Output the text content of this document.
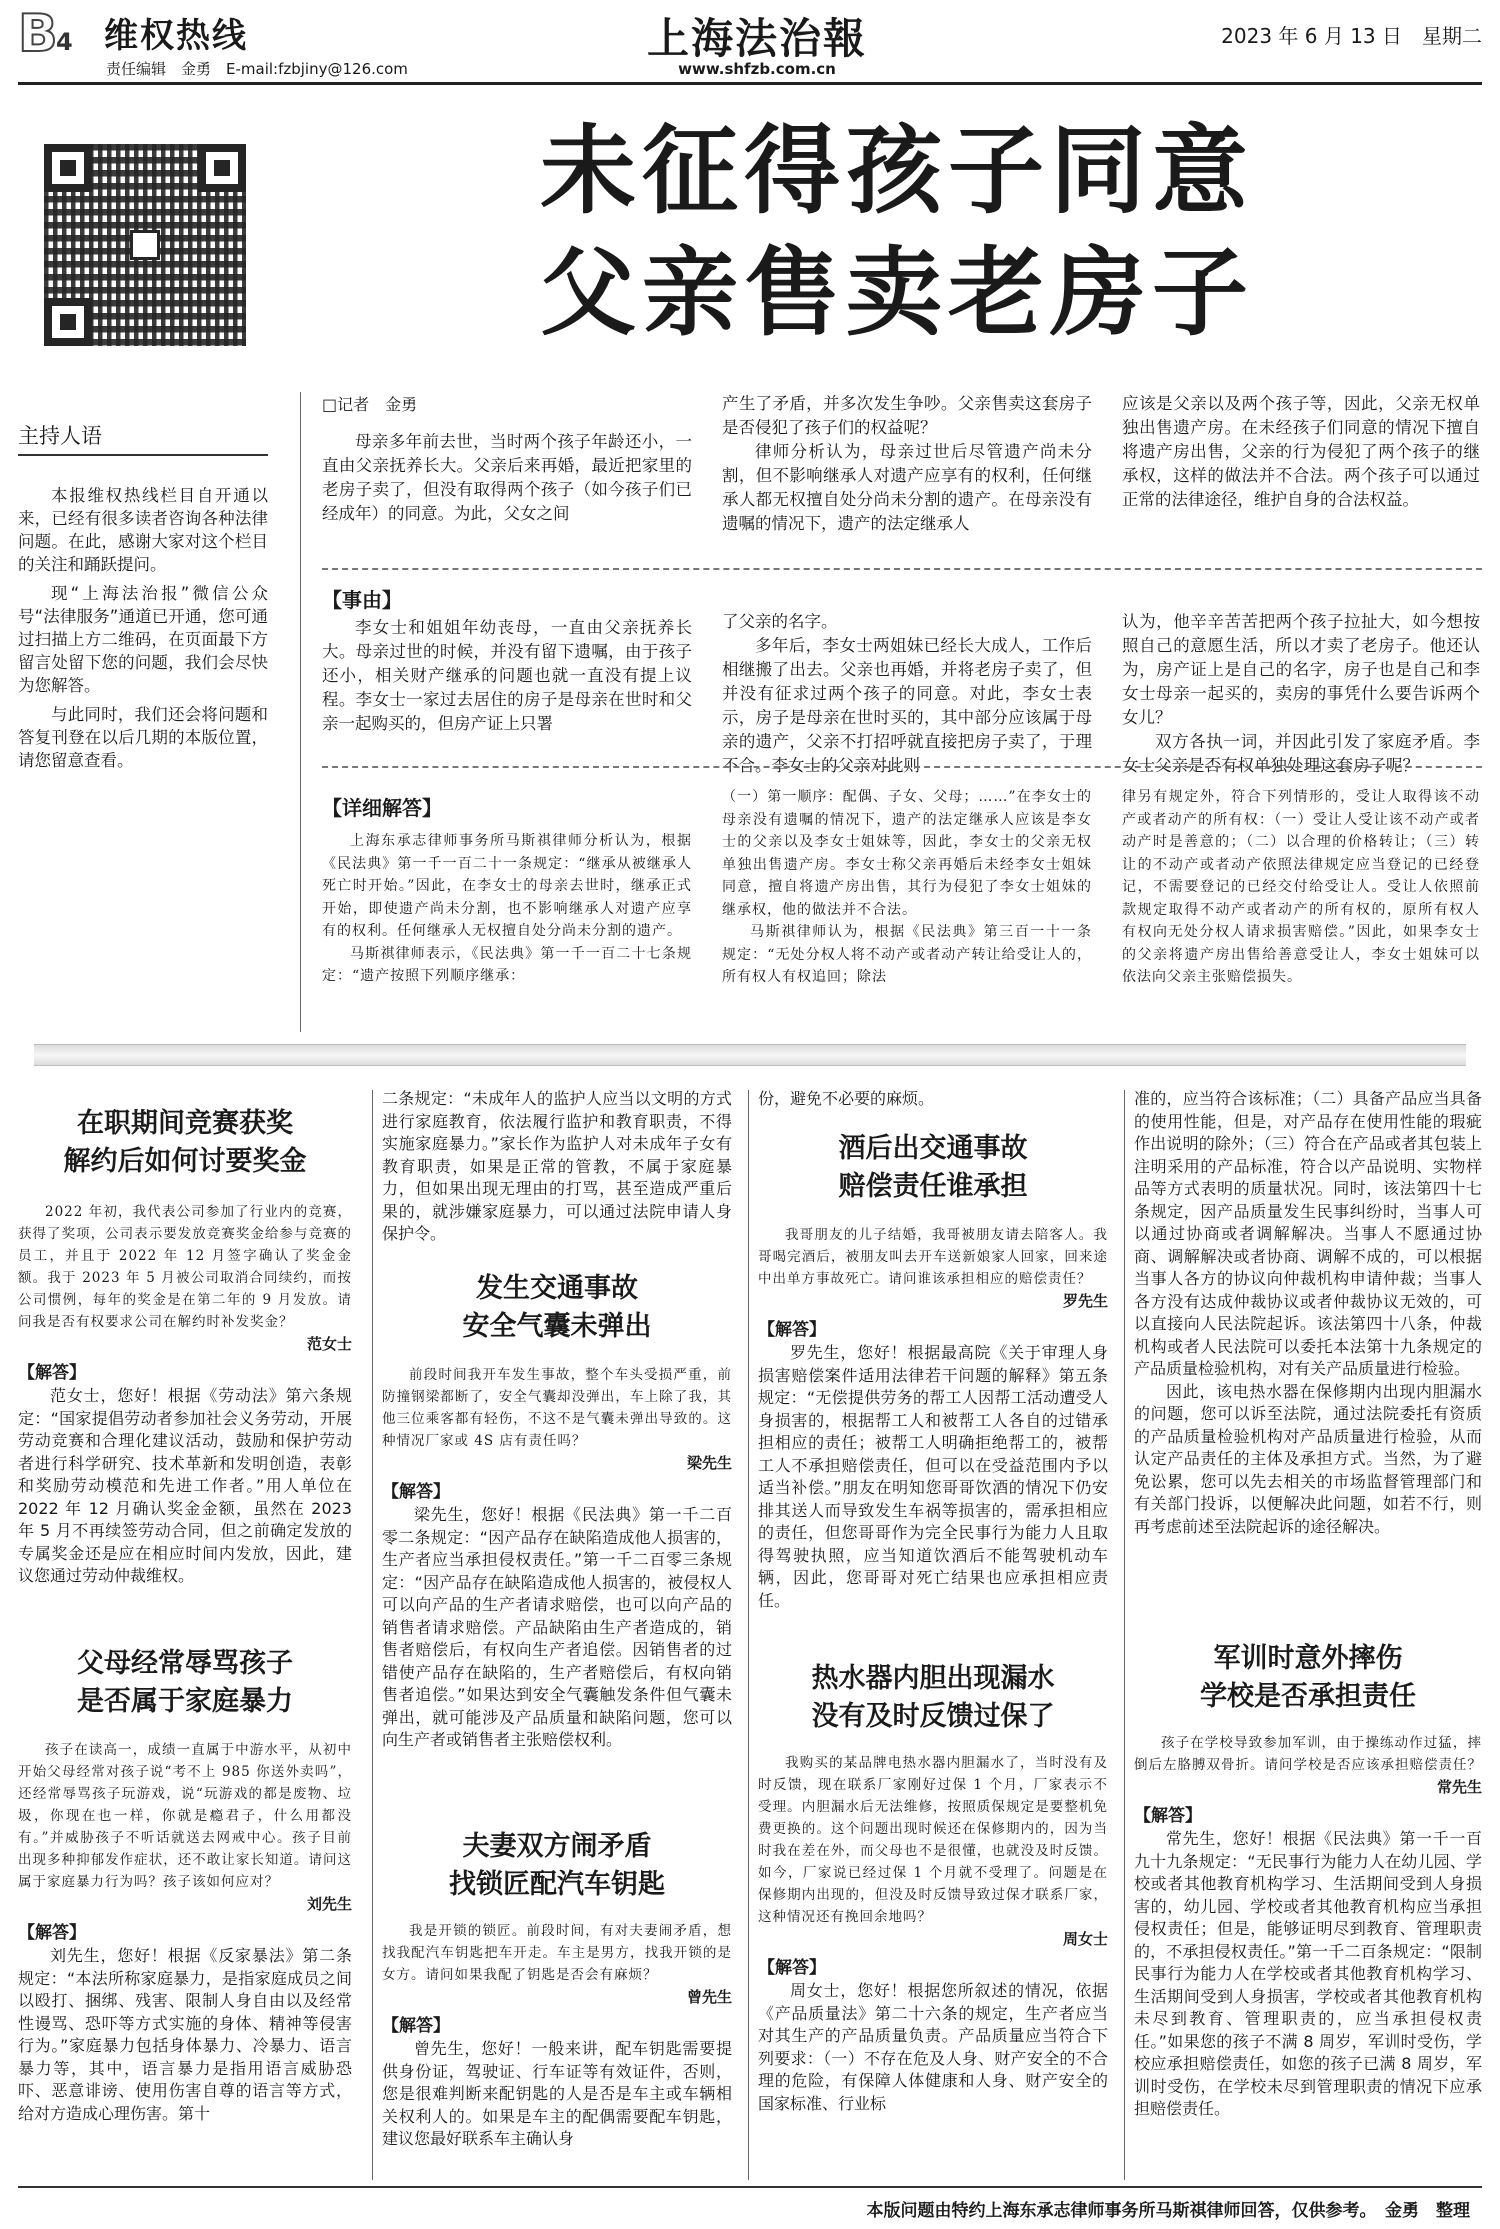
B
4 维权热线
责任编辑　金勇　E-mail:fzbjiny@126.com
上海法治報
www.shfzb.com.cn
2023 年 6 月 13 日　星期二
未征得孩子同意
父亲售卖老房子
主持人语

本报维权热线栏目自开通以来，已经有很多读者咨询各种法律问题。在此，感谢大家对这个栏目的关注和踊跃提问。

现“上海法治报”微信公众号“法律服务”通道已开通，您可通过扫描上方二维码，在页面最下方留言处留下您的问题，我们会尽快为您解答。

与此同时，我们还会将问题和答复刊登在以后几期的本版位置，请您留意查看。

□记者　金勇

母亲多年前去世，当时两个孩子年龄还小，一直由父亲抚养长大。父亲后来再婚，最近把家里的老房子卖了，但没有取得两个孩子（如今孩子们已经成年）的同意。为此，父女之间

产生了矛盾，并多次发生争吵。父亲售卖这套房子是否侵犯了孩子们的权益呢？

律师分析认为，母亲过世后尽管遗产尚未分割，但不影响继承人对遗产应享有的权利，任何继承人都无权擅自处分尚未分割的遗产。在母亲没有遗嘱的情况下，遗产的法定继承人

应该是父亲以及两个孩子等，因此，父亲无权单独出售遗产房。在未经孩子们同意的情况下擅自将遗产房出售，父亲的行为侵犯了两个孩子的继承权，这样的做法并不合法。两个孩子可以通过正常的法律途径，维护自身的合法权益。

【事由】

李女士和姐姐年幼丧母，一直由父亲抚养长大。母亲过世的时候，并没有留下遗嘱，由于孩子还小，相关财产继承的问题也就一直没有提上议程。李女士一家过去居住的房子是母亲在世时和父亲一起购买的，但房产证上只署

了父亲的名字。

多年后，李女士两姐妹已经长大成人，工作后相继搬了出去。父亲也再婚，并将老房子卖了，但并没有征求过两个孩子的同意。对此，李女士表示，房子是母亲在世时买的，其中部分应该属于母亲的遗产，父亲不打招呼就直接把房子卖了，于理不合。李女士的父亲对此则

认为，他辛辛苦苦把两个孩子拉扯大，如今想按照自己的意愿生活，所以才卖了老房子。他还认为，房产证上是自己的名字，房子也是自己和李女士母亲一起买的，卖房的事凭什么要告诉两个女儿？

双方各执一词，并因此引发了家庭矛盾。李女士父亲是否有权单独处理这套房子呢？

【详细解答】

上海东承志律师事务所马斯祺律师分析认为，根据《民法典》第一千一百二十一条规定：“继承从被继承人死亡时开始。”因此，在李女士的母亲去世时，继承正式开始，即使遗产尚未分割，也不影响继承人对遗产应享有的权利。任何继承人无权擅自处分尚未分割的遗产。

马斯祺律师表示，《民法典》第一千一百二十七条规定：“遗产按照下列顺序继承：

（一）第一顺序：配偶、子女、父母；……”在李女士的母亲没有遗嘱的情况下，遗产的法定继承人应该是李女士的父亲以及李女士姐妹等，因此，李女士的父亲无权单独出售遗产房。李女士称父亲再婚后未经李女士姐妹同意，擅自将遗产房出售，其行为侵犯了李女士姐妹的继承权，他的做法并不合法。

马斯祺律师认为，根据《民法典》第三百一十一条规定：“无处分权人将不动产或者动产转让给受让人的，所有权人有权追回；除法

律另有规定外，符合下列情形的，受让人取得该不动产或者动产的所有权：（一）受让人受让该不动产或者动产时是善意的；（二）以合理的价格转让；（三）转让的不动产或者动产依照法律规定应当登记的已经登记，不需要登记的已经交付给受让人。受让人依照前款规定取得不动产或者动产的所有权的，原所有权人有权向无处分权人请求损害赔偿。”因此，如果李女士的父亲将遗产房出售给善意受让人，李女士姐妹可以依法向父亲主张赔偿损失。

在职期间竞赛获奖
解约后如何讨要奖金

2022 年初，我代表公司参加了行业内的竞赛，获得了奖项，公司表示要发放竞赛奖金给参与竞赛的员工，并且于 2022 年 12 月签字确认了奖金金额。我于 2023 年 5 月被公司取消合同续约，而按公司惯例，每年的奖金是在第二年的 9 月发放。请问我是否有权要求公司在解约时补发奖金？

范女士
【解答】

范女士，您好！根据《劳动法》第六条规定：“国家提倡劳动者参加社会义务劳动，开展劳动竞赛和合理化建议活动，鼓励和保护劳动者进行科学研究、技术革新和发明创造，表彰和奖励劳动模范和先进工作者。”用人单位在 2022 年 12 月确认奖金金额，虽然在 2023 年 5 月不再续签劳动合同，但之前确定发放的专属奖金还是应在相应时间内发放，因此，建议您通过劳动仲裁维权。

父母经常辱骂孩子
是否属于家庭暴力

孩子在读高一，成绩一直属于中游水平，从初中开始父母经常对孩子说“考不上 985 你送外卖吗”，还经常辱骂孩子玩游戏，说“玩游戏的都是废物、垃圾，你现在也一样，你就是瘾君子，什么用都没有。”并威胁孩子不听话就送去网戒中心。孩子目前出现多种抑郁发作症状，还不敢让家长知道。请问这属于家庭暴力行为吗？孩子该如何应对？

刘先生
【解答】

刘先生，您好！根据《反家暴法》第二条规定：“本法所称家庭暴力，是指家庭成员之间以殴打、捆绑、残害、限制人身自由以及经常性谩骂、恐吓等方式实施的身体、精神等侵害行为。”家庭暴力包括身体暴力、冷暴力、语言暴力等，其中，语言暴力是指用语言威胁恐吓、恶意诽谤、使用伤害自尊的语言等方式，给对方造成心理伤害。第十

二条规定：“未成年人的监护人应当以文明的方式进行家庭教育，依法履行监护和教育职责，不得实施家庭暴力。”家长作为监护人对未成年子女有教育职责，如果是正常的管教，不属于家庭暴力，但如果出现无理由的打骂，甚至造成严重后果的，就涉嫌家庭暴力，可以通过法院申请人身保护令。
发生交通事故
安全气囊未弹出

前段时间我开车发生事故，整个车头受损严重，前防撞钢梁都断了，安全气囊却没弹出，车上除了我，其他三位乘客都有轻伤，不这不是气囊未弹出导致的。这种情况厂家或 4S 店有责任吗？

梁先生
【解答】

梁先生，您好！根据《民法典》第一千二百零二条规定：“因产品存在缺陷造成他人损害的，生产者应当承担侵权责任。”第一千二百零三条规定：“因产品存在缺陷造成他人损害的，被侵权人可以向产品的生产者请求赔偿，也可以向产品的销售者请求赔偿。产品缺陷由生产者造成的，销售者赔偿后，有权向生产者追偿。因销售者的过错使产品存在缺陷的，生产者赔偿后，有权向销售者追偿。”如果达到安全气囊触发条件但气囊未弹出，就可能涉及产品质量和缺陷问题，您可以向生产者或销售者主张赔偿权利。

夫妻双方闹矛盾
找锁匠配汽车钥匙

我是开锁的锁匠。前段时间，有对夫妻闹矛盾，想找我配汽车钥匙把车开走。车主是男方，找我开锁的是女方。请问如果我配了钥匙是否会有麻烦？

曾先生
【解答】

曾先生，您好！一般来讲，配车钥匙需要提供身份证，驾驶证、行车证等有效证件，否则，您是很难判断来配钥匙的人是否是车主或车辆相关权利人的。如果是车主的配偶需要配车钥匙，建议您最好联系车主确认身

份，避免不必要的麻烦。
酒后出交通事故
赔偿责任谁承担

我哥朋友的儿子结婚，我哥被朋友请去陪客人。我哥喝完酒后，被朋友叫去开车送新娘家人回家，回来途中出单方事故死亡。请问谁该承担相应的赔偿责任？

罗先生
【解答】

罗先生，您好！根据最高院《关于审理人身损害赔偿案件适用法律若干问题的解释》第五条规定：“无偿提供劳务的帮工人因帮工活动遭受人身损害的，根据帮工人和被帮工人各自的过错承担相应的责任；被帮工人明确拒绝帮工的，被帮工人不承担赔偿责任，但可以在受益范围内予以适当补偿。”朋友在明知您哥哥饮酒的情况下仍安排其送人而导致发生车祸等损害的，需承担相应的责任，但您哥哥作为完全民事行为能力人且取得驾驶执照，应当知道饮酒后不能驾驶机动车辆，因此，您哥哥对死亡结果也应承担相应责任。

热水器内胆出现漏水
没有及时反馈过保了

我购买的某品牌电热水器内胆漏水了，当时没有及时反馈，现在联系厂家刚好过保 1 个月，厂家表示不受理。内胆漏水后无法维修，按照质保规定是要整机免费更换的。这个问题出现时候还在保修期内的，因为当时我在差在外，而父母也不是很懂，也就没及时反馈。如今，厂家说已经过保 1 个月就不受理了。问题是在保修期内出现的，但没及时反馈导致过保才联系厂家，这种情况还有挽回余地吗？

周女士
【解答】

周女士，您好！根据您所叙述的情况，依据《产品质量法》第二十六条的规定，生产者应当对其生产的产品质量负责。产品质量应当符合下列要求：（一）不存在危及人身、财产安全的不合理的危险，有保障人体健康和人身、财产安全的国家标准、行业标

准的，应当符合该标准；（二）具备产品应当具备的使用性能，但是，对产品存在使用性能的瑕疵作出说明的除外；（三）符合在产品或者其包装上注明采用的产品标准，符合以产品说明、实物样品等方式表明的质量状况。同时，该法第四十七条规定，因产品质量发生民事纠纷时，当事人可以通过协商或者调解解决。当事人不愿通过协商、调解解决或者协商、调解不成的，可以根据当事人各方的协议向仲裁机构申请仲裁；当事人各方没有达成仲裁协议或者仲裁协议无效的，可以直接向人民法院起诉。该法第四十八条，仲裁机构或者人民法院可以委托本法第十九条规定的产品质量检验机构，对有关产品质量进行检验。

因此，该电热水器在保修期内出现内胆漏水的问题，您可以诉至法院，通过法院委托有资质的产品质量检验机构对产品质量进行检验，从而认定产品责任的主体及承担方式。当然，为了避免讼累，您可以先去相关的市场监督管理部门和有关部门投诉，以便解决此问题，如若不行，则再考虑前述至法院起诉的途径解决。

军训时意外摔伤
学校是否承担责任

孩子在学校导致参加军训，由于操练动作过猛，摔倒后左胳膊双骨折。请问学校是否应该承担赔偿责任？

常先生
【解答】

常先生，您好！根据《民法典》第一千一百九十九条规定：“无民事行为能力人在幼儿园、学校或者其他教育机构学习、生活期间受到人身损害的，幼儿园、学校或者其他教育机构应当承担侵权责任；但是，能够证明尽到教育、管理职责的，不承担侵权责任。”第一千二百条规定：“限制民事行为能力人在学校或者其他教育机构学习、生活期间受到人身损害，学校或者其他教育机构未尽到教育、管理职责的，应当承担侵权责任。”如果您的孩子不满 8 周岁，军训时受伤，学校应承担赔偿责任，如您的孩子已满 8 周岁，军训时受伤，在学校未尽到管理职责的情况下应承担赔偿责任。

本版问题由特约上海东承志律师事务所马斯祺律师回答，仅供参考。　金勇　整理
